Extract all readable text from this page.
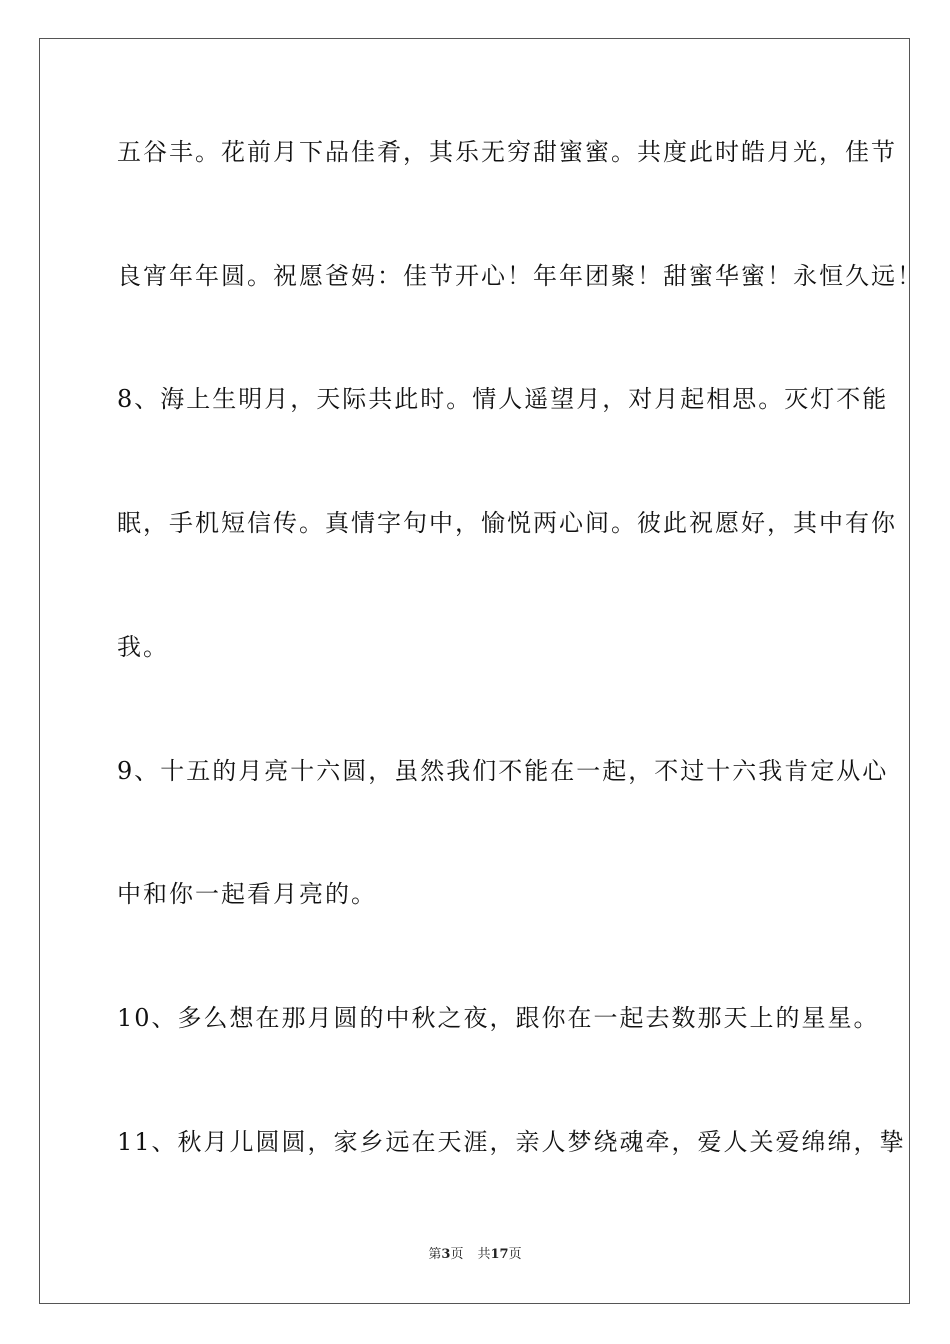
五谷丰。花前月下品佳肴，其乐无穷甜蜜蜜。共度此时皓月光，佳节
良宵年年圆。祝愿爸妈：佳节开心！年年团聚！甜蜜华蜜！永恒久远！
8、海上生明月，天际共此时。情人遥望月，对月起相思。灭灯不能
眠，手机短信传。真情字句中，愉悦两心间。彼此祝愿好，其中有你
我。
9、十五的月亮十六圆，虽然我们不能在一起，不过十六我肯定从心
中和你一起看月亮的。
10、多么想在那月圆的中秋之夜，跟你在一起去数那天上的星星。
11、秋月儿圆圆，家乡远在天涯，亲人梦绕魂牵，爱人关爱绵绵，挚
第3页 共17页
